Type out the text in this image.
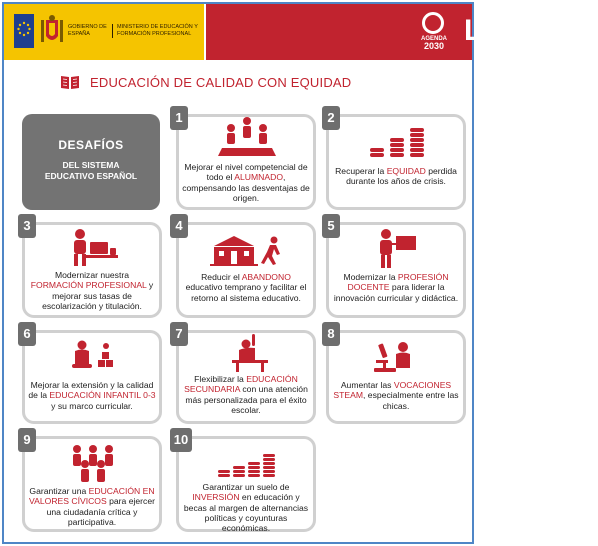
GOBIERNO DE ESPAÑA
MINISTERIO DE EDUCACIÓN Y FORMACIÓN PROFESIONAL
AGENDA
2030 LOMLOE
EDUCACIÓN DE CALIDAD CON EQUIDAD
DESAFÍOS
DEL SISTEMA
EDUCATIVO ESPAÑOL
1
Mejorar el nivel competencial de todo el ALUMNADO, compensando las desventajas de origen.
2
Recuperar la EQUIDAD perdida durante los años de crisis.
3
Modernizar nuestra FORMACIÓN PROFESIONAL y mejorar sus tasas de escolarización y titulación.
4
Reducir el ABANDONO educativo temprano y facilitar el retorno al sistema educativo.
5
Modernizar la PROFESIÓN DOCENTE para liderar la innovación curricular y didáctica.
6
Mejorar la extensión y la calidad de la EDUCACIÓN INFANTIL 0-3 y su marco curricular.
7
Flexibilizar la EDUCACIÓN SECUNDARIA con una atención más personalizada para el éxito escolar.
8
Aumentar las VOCACIONES STEAM, especialmente entre las chicas.
9
Garantizar una EDUCACIÓN EN VALORES CÍVICOS para ejercer una ciudadanía crítica y participativa.
10
Garantizar un suelo de INVERSIÓN en educación y becas al margen de alternancias políticas y coyunturas económicas.
